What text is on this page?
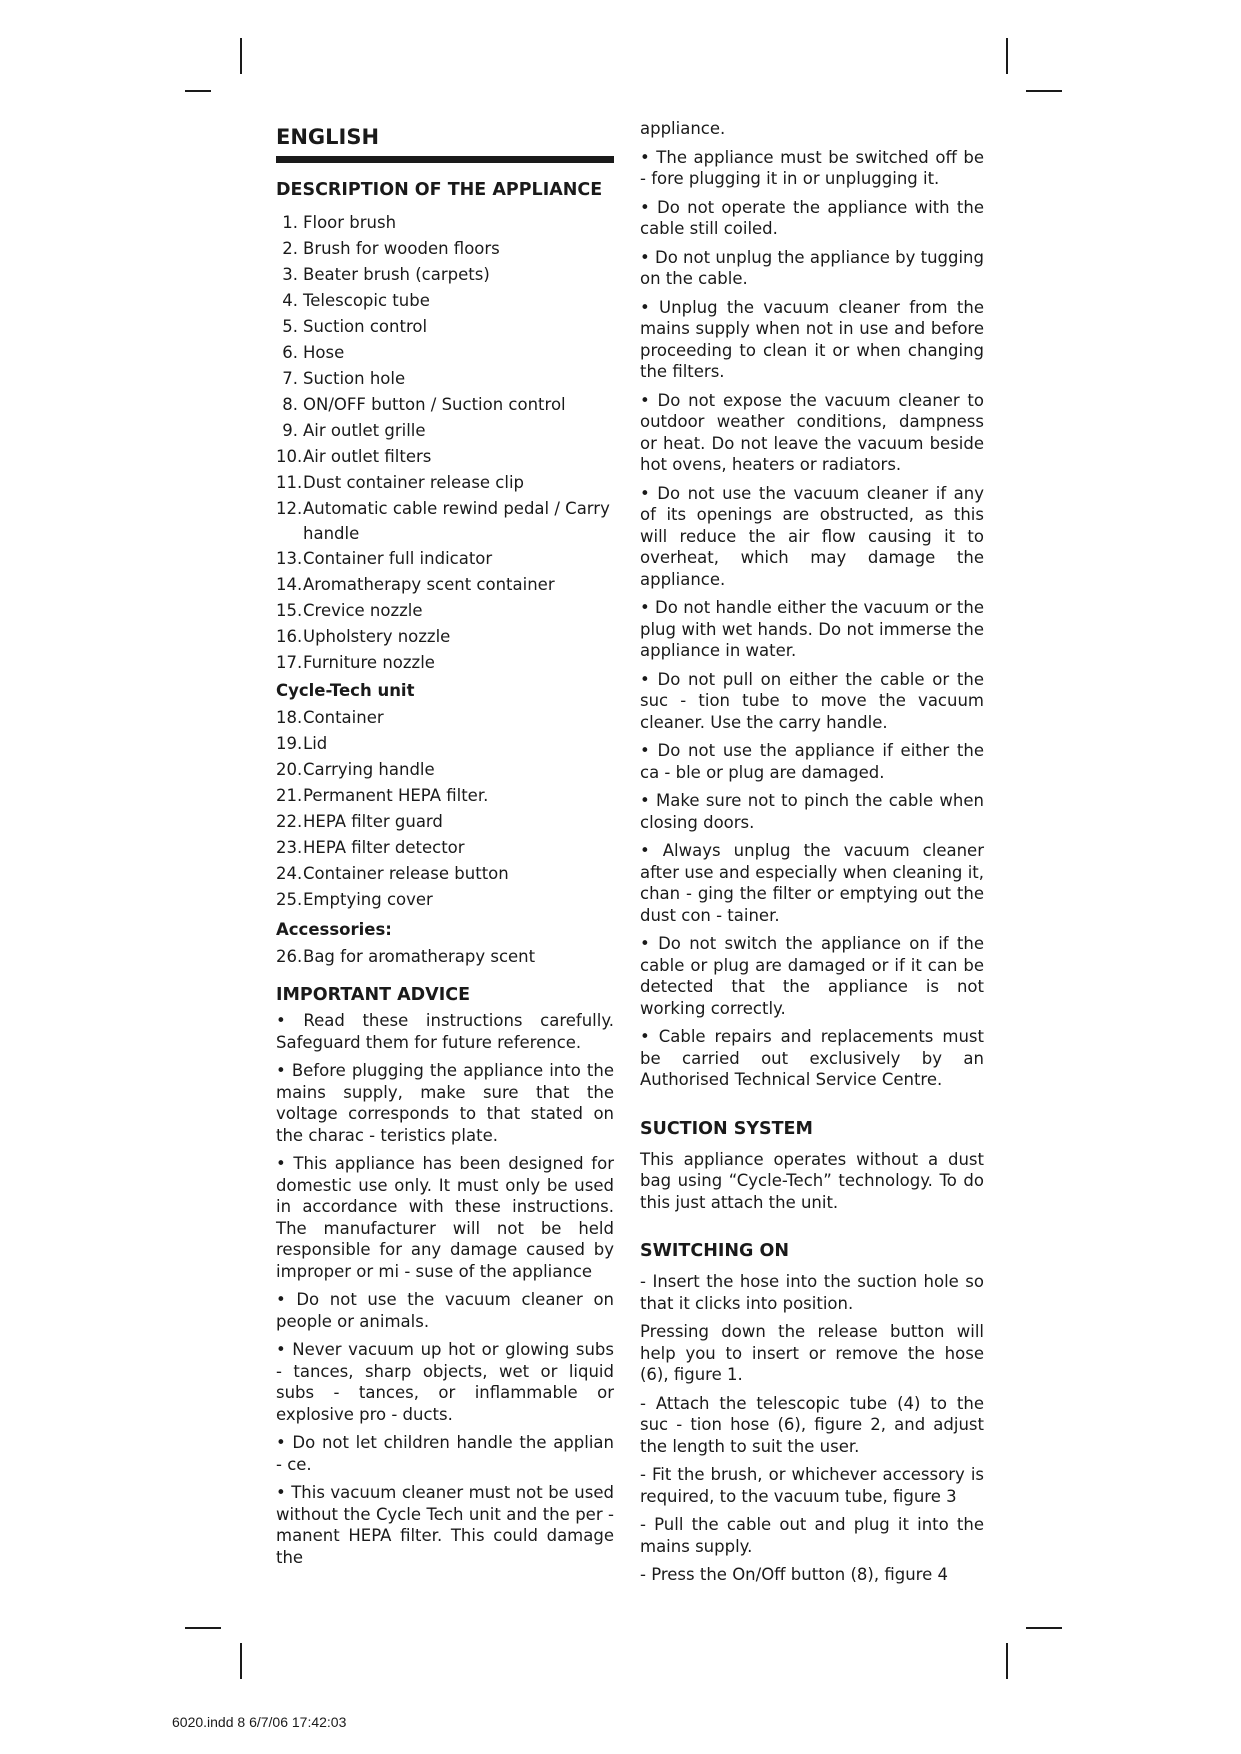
ENGLISH
DESCRIPTION OF THE APPLIANCE
1. Floor brush
2. Brush for wooden floors
3. Beater brush (carpets)
4. Telescopic tube
5. Suction control
6. Hose
7. Suction hole
8. ON/OFF button / Suction control
9. Air outlet grille
10. Air outlet filters
11. Dust container release clip
12. Automatic cable rewind pedal / Carry handle
13. Container full indicator
14. Aromatherapy scent container
15. Crevice nozzle
16. Upholstery nozzle
17. Furniture nozzle
Cycle-Tech unit
18. Container
19. Lid
20. Carrying handle
21. Permanent HEPA filter.
22. HEPA filter guard
23. HEPA filter detector
24. Container release button
25. Emptying cover
Accessories:
26. Bag for aromatherapy scent
IMPORTANT ADVICE

• Read these instructions carefully. Safeguard them for future reference.

• Before plugging the appliance into the mains supply, make sure that the voltage corresponds to that stated on the charac - teristics plate.

• This appliance has been designed for domestic use only. It must only be used in accordance with these instructions. The manufacturer will not be held responsible for any damage caused by improper or mi - suse of the appliance

• Do not use the vacuum cleaner on people or animals.

• Never vacuum up hot or glowing subs - tances, sharp objects, wet or liquid subs - tances, or inflammable or explosive pro - ducts.

• Do not let children handle the applian - ce.

• This vacuum cleaner must not be used without the Cycle Tech unit and the per - manent HEPA filter. This could damage the

appliance.

• The appliance must be switched off be - fore plugging it in or unplugging it.

• Do not operate the appliance with the cable still coiled.

• Do not unplug the appliance by tugging on the cable.

• Unplug the vacuum cleaner from the mains supply when not in use and before proceeding to clean it or when changing the filters.

• Do not expose the vacuum cleaner to outdoor weather conditions, dampness or heat. Do not leave the vacuum beside hot ovens, heaters or radiators.

• Do not use the vacuum cleaner if any of its openings are obstructed, as this will reduce the air flow causing it to overheat, which may damage the appliance.

• Do not handle either the vacuum or the plug with wet hands. Do not immerse the appliance in water.

• Do not pull on either the cable or the suc - tion tube to move the vacuum cleaner. Use the carry handle.

• Do not use the appliance if either the ca - ble or plug are damaged.

• Make sure not to pinch the cable when closing doors.

• Always unplug the vacuum cleaner after use and especially when cleaning it, chan - ging the filter or emptying out the dust con - tainer.

• Do not switch the appliance on if the cable or plug are damaged or if it can be detected that the appliance is not working correctly.

• Cable repairs and replacements must be carried out exclusively by an Authorised Technical Service Centre.

SUCTION SYSTEM

This appliance operates without a dust bag using “Cycle-Tech” technology. To do this just attach the unit.

SWITCHING ON

- Insert the hose into the suction hole so that it clicks into position.

Pressing down the release button will help you to insert or remove the hose (6), figure 1.

- Attach the telescopic tube (4) to the suc - tion hose (6), figure 2, and adjust the length to suit the user.

- Fit the brush, or whichever accessory is required, to the vacuum tube, figure 3

- Pull the cable out and plug it into the mains supply.

- Press the On/Off button (8), figure 4

6020.indd 8 6/7/06 17:42:03
